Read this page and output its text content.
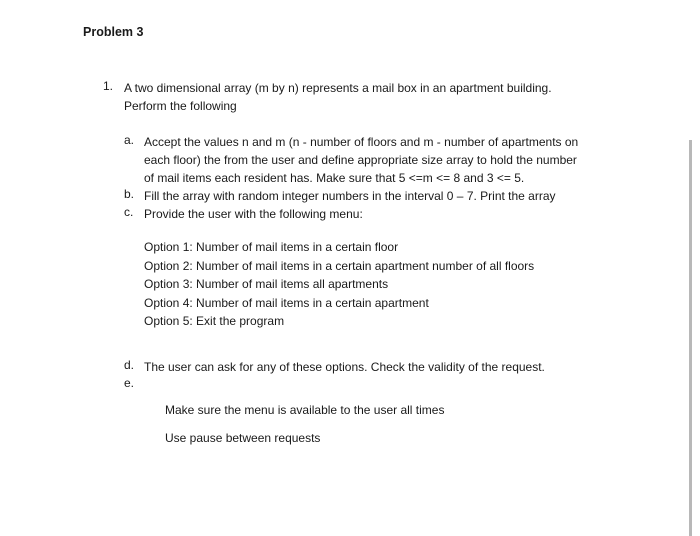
Problem 3
1. A two dimensional array (m by n) represents a mail box in an apartment building.
Perform the following
a. Accept the values n and m (n - number of floors and m - number of apartments on
each floor) the from the user and define appropriate size array to hold the number
of mail items each resident has. Make sure that 5 <=m <= 8 and 3 <= 5.
b. Fill the array with random integer numbers in the interval 0 – 7. Print the array
c. Provide the user with the following menu:
Option 1: Number of mail items in a certain floor
Option 2: Number of mail items in a certain apartment number of all floors
Option 3: Number of mail items all apartments
Option 4: Number of mail items in a certain apartment
Option 5: Exit the program
d. The user can ask for any of these options. Check the validity of the request.
e.
Make sure the menu is available to the user all times
Use pause between requests
